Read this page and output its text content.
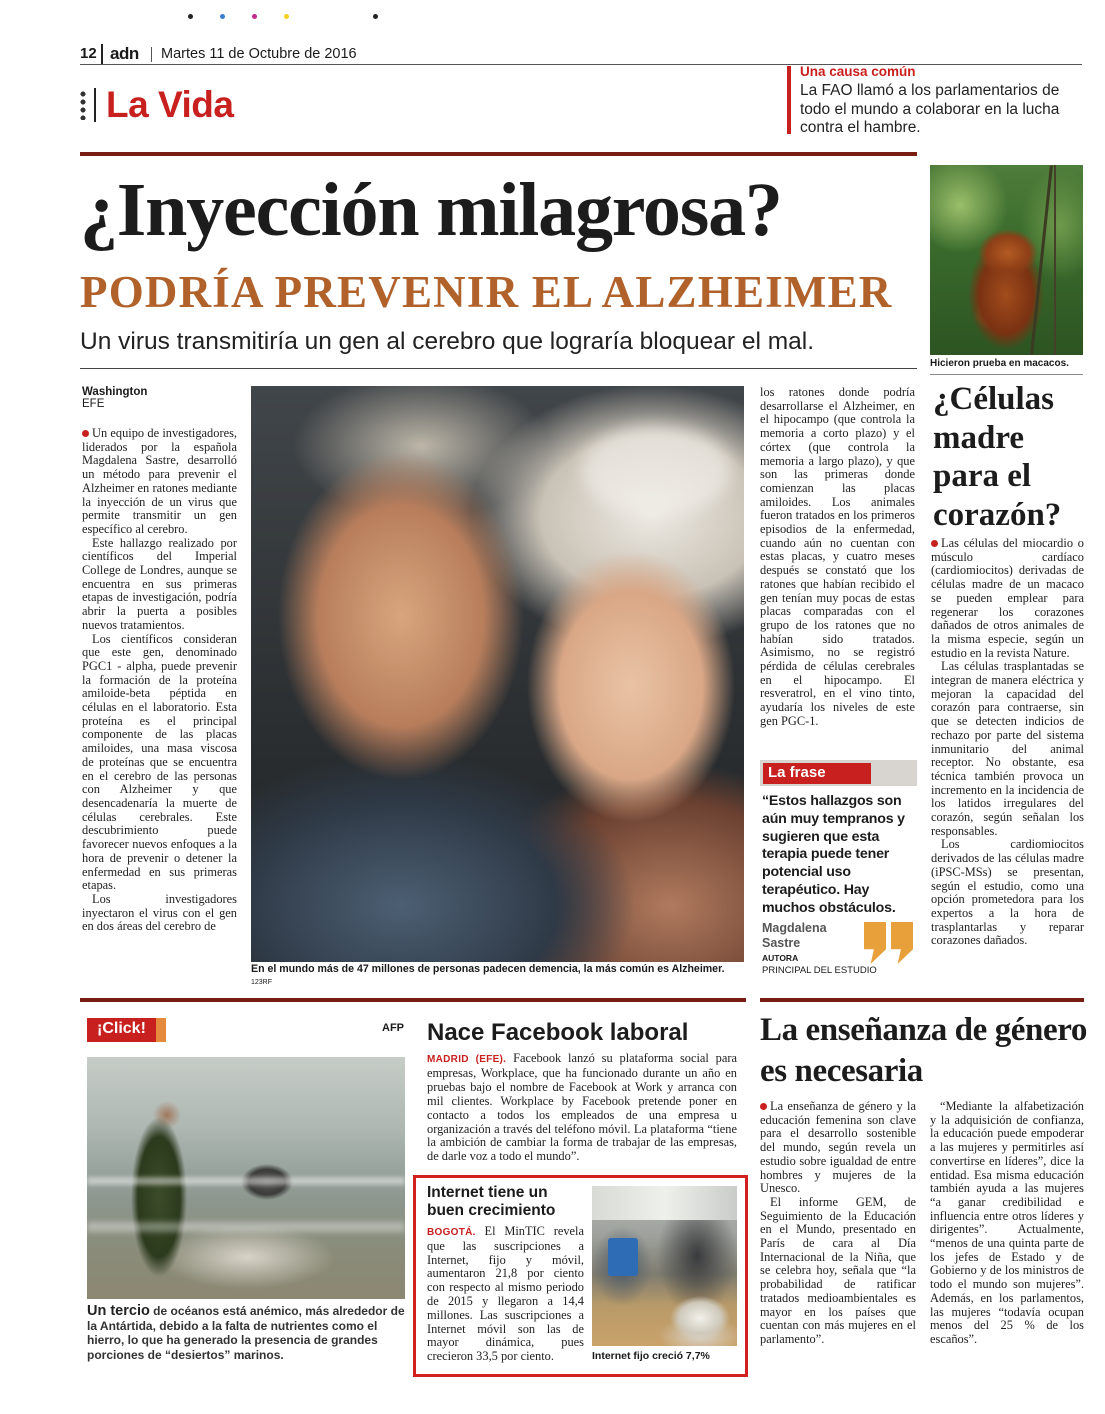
12 adn Martes 11 de Octubre de 2016
La Vida
Una causa común
La FAO llamó a los parlamentarios de todo el mundo a colaborar en la lucha contra el hambre.
¿Inyección milagrosa?
PODRÍA PREVENIR EL ALZHEIMER
Un virus transmitiría un gen al cerebro que lograría bloquear el mal.
Washington
EFE

Un equipo de investigadores, liderados por la española Magdalena Sastre, desarrolló un método para prevenir el Alzheimer en ratones mediante la inyección de un virus que permite transmitir un gen específico al cerebro.

Este hallazgo realizado por científicos del Imperial College de Londres, aunque se encuentra en sus primeras etapas de investigación, podría abrir la puerta a posibles nuevos tratamientos.

Los científicos consideran que este gen, denominado PGC1 - alpha, puede prevenir la formación de la proteína amiloide-beta péptida en células en el laboratorio. Esta proteína es el principal componente de las placas amiloides, una masa viscosa de proteínas que se encuentra en el cerebro de las personas con Alzheimer y que desencadenaría la muerte de células cerebrales. Este descubrimiento puede favorecer nuevos enfoques a la hora de prevenir o detener la enfermedad en sus primeras etapas.

Los investigadores inyectaron el virus con el gen en dos áreas del cerebro de

En el mundo más de 47 millones de personas padecen demencia, la más común es Alzheimer. 123RF

los ratones donde podría desarrollarse el Alzheimer, en el hipocampo (que controla la memoria a corto plazo) y el córtex (que controla la memoria a largo plazo), y que son las primeras donde comienzan las placas amiloides. Los animales fueron tratados en los primeros episodios de la enfermedad, cuando aún no cuentan con estas placas, y cuatro meses después se constató que los ratones que habían recibido el gen tenían muy pocas de estas placas comparadas con el grupo de los ratones que no habían sido tratados. Asimismo, no se registró pérdida de células cerebrales en el hipocampo. El resveratrol, en el vino tinto, ayudaría los niveles de este gen PGC-1.

La frase
“Estos hallazgos son aún muy tempranos y sugieren que esta terapia puede tener potencial uso terapéutico. Hay muchos obstáculos.
Magdalena Sastre
AUTORA
PRINCIPAL DEL ESTUDIO
Hicieron prueba en macacos.
¿Células madre para el corazón?

Las células del miocardio o músculo cardíaco (cardiomiocitos) derivadas de células madre de un macaco se pueden emplear para regenerar los corazones dañados de otros animales de la misma especie, según un estudio en la revista Nature.

Las células trasplantadas se integran de manera eléctrica y mejoran la capacidad del corazón para contraerse, sin que se detecten indicios de rechazo por parte del sistema inmunitario del animal receptor. No obstante, esa técnica también provoca un incremento en la incidencia de los latidos irregulares del corazón, según señalan los responsables.

Los cardiomiocitos derivados de las células madre (iPSC-MSs) se presentan, según el estudio, como una opción prometedora para los expertos a la hora de trasplantarlas y reparar corazones dañados.

¡Click!	AFP
Un tercio de océanos está anémico, más alrededor de la Antártida, debido a la falta de nutrientes como el hierro, lo que ha generado la presencia de grandes porciones de “desiertos” marinos.
Nace Facebook laboral

MADRID (EFE). Facebook lanzó su plataforma social para empresas, Workplace, que ha funcionado durante un año en pruebas bajo el nombre de Facebook at Work y arranca con mil clientes. Workplace by Facebook pretende poner en contacto a todos los empleados de una empresa u organización a través del teléfono móvil. La plataforma “tiene la ambición de cambiar la forma de trabajar de las empresas, de darle voz a todo el mundo”.

Internet tiene un buen crecimiento

BOGOTÁ. El MinTIC revela que las suscripciones a Internet, fijo y móvil, aumentaron 21,8 por ciento con respecto al mismo periodo de 2015 y llegaron a 14,4 millones. Las suscripciones a Internet móvil son las de mayor dinámica, pues crecieron 33,5 por ciento.	Internet fijo creció 7,7%
La enseñanza de género es necesaria

La enseñanza de género y la educación femenina son clave para el desarrollo sostenible del mundo, según revela un estudio sobre igualdad de entre hombres y mujeres de la Unesco.

El informe GEM, de Seguimiento de la Educación en el Mundo, presentado en París de cara al Día Internacional de la Niña, que se celebra hoy, señala que “la probabilidad de ratificar tratados medioambientales es mayor en los países que cuentan con más mujeres en el parlamento”.

“Mediante la alfabetización y la adquisición de confianza, la educación puede empoderar a las mujeres y permitirles así convertirse en líderes”, dice la entidad. Esa misma educación también ayuda a las mujeres “a ganar credibilidad e influencia entre otros líderes y dirigentes”. Actualmente, “menos de una quinta parte de los jefes de Estado y de Gobierno y de los ministros de todo el mundo son mujeres”. Además, en los parlamentos, las mujeres “todavía ocupan menos del 25 % de los escaños”.
